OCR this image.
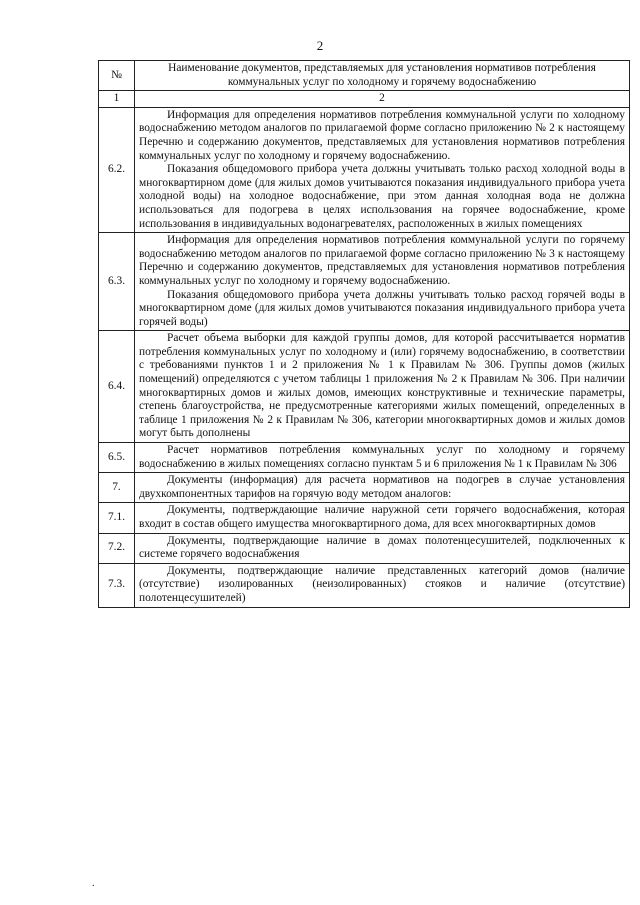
2
№	Наименование документов, представляемых для установления нормативов потребления коммунальных услуг по холодному и горячему водоснабжению
1	2
6.2.	Информация для определения нормативов потребления коммунальной услуги по холодному водоснабжению методом аналогов по прилагаемой форме согласно приложению № 2 к настоящему Перечню и содержанию документов, представляемых для установления нормативов потребления коммунальных услуг по холодному и горячему водоснабжению.

Показания общедомового прибора учета должны учитывать только расход холодной воды в многоквартирном доме (для жилых домов учитываются показания индивидуального прибора учета холодной воды) на холодное водоснабжение, при этом данная холодная вода не должна использоваться для подогрева в целях использования на горячее водоснабжение, кроме использования в индивидуальных водонагревателях, расположенных в жилых помещениях

6.3.	Информация для определения нормативов потребления коммунальной услуги по горячему водоснабжению методом аналогов по прилагаемой форме согласно приложению № 3 к настоящему Перечню и содержанию документов, представляемых для установления нормативов потребления коммунальных услуг по холодному и горячему водоснабжению.

Показания общедомового прибора учета должны учитывать только расход горячей воды в многоквартирном доме (для жилых домов учитываются показания индивидуального прибора учета горячей воды)

6.4.	Расчет объема выборки для каждой группы домов, для которой рассчитывается норматив потребления коммунальных услуг по холодному и (или) горячему водоснабжению, в соответствии с требованиями пунктов 1 и 2 приложения № 1 к Правилам № 306. Группы домов (жилых помещений) определяются с учетом таблицы 1 приложения № 2 к Правилам № 306. При наличии многоквартирных домов и жилых домов, имеющих конструктивные и технические параметры, степень благоустройства, не предусмотренные категориями жилых помещений, определенных в таблице 1 приложения № 2 к Правилам № 306, категории многоквартирных домов и жилых домов могут быть дополнены

6.5.	Расчет нормативов потребления коммунальных услуг по холодному и горячему водоснабжению в жилых помещениях согласно пунктам 5 и 6 приложения № 1 к Правилам № 306

7.	Документы (информация) для расчета нормативов на подогрев в случае установления двухкомпонентных тарифов на горячую воду методом аналогов:

7.1.	Документы, подтверждающие наличие наружной сети горячего водоснабжения, которая входит в состав общего имущества многоквартирного дома, для всех многоквартирных домов

7.2.	Документы, подтверждающие наличие в домах полотенцесушителей, подключенных к системе горячего водоснабжения

7.3.	Документы, подтверждающие наличие представленных категорий домов (наличие (отсутствие) изолированных (неизолированных) стояков и наличие (отсутствие) полотенцесушителей)

.
